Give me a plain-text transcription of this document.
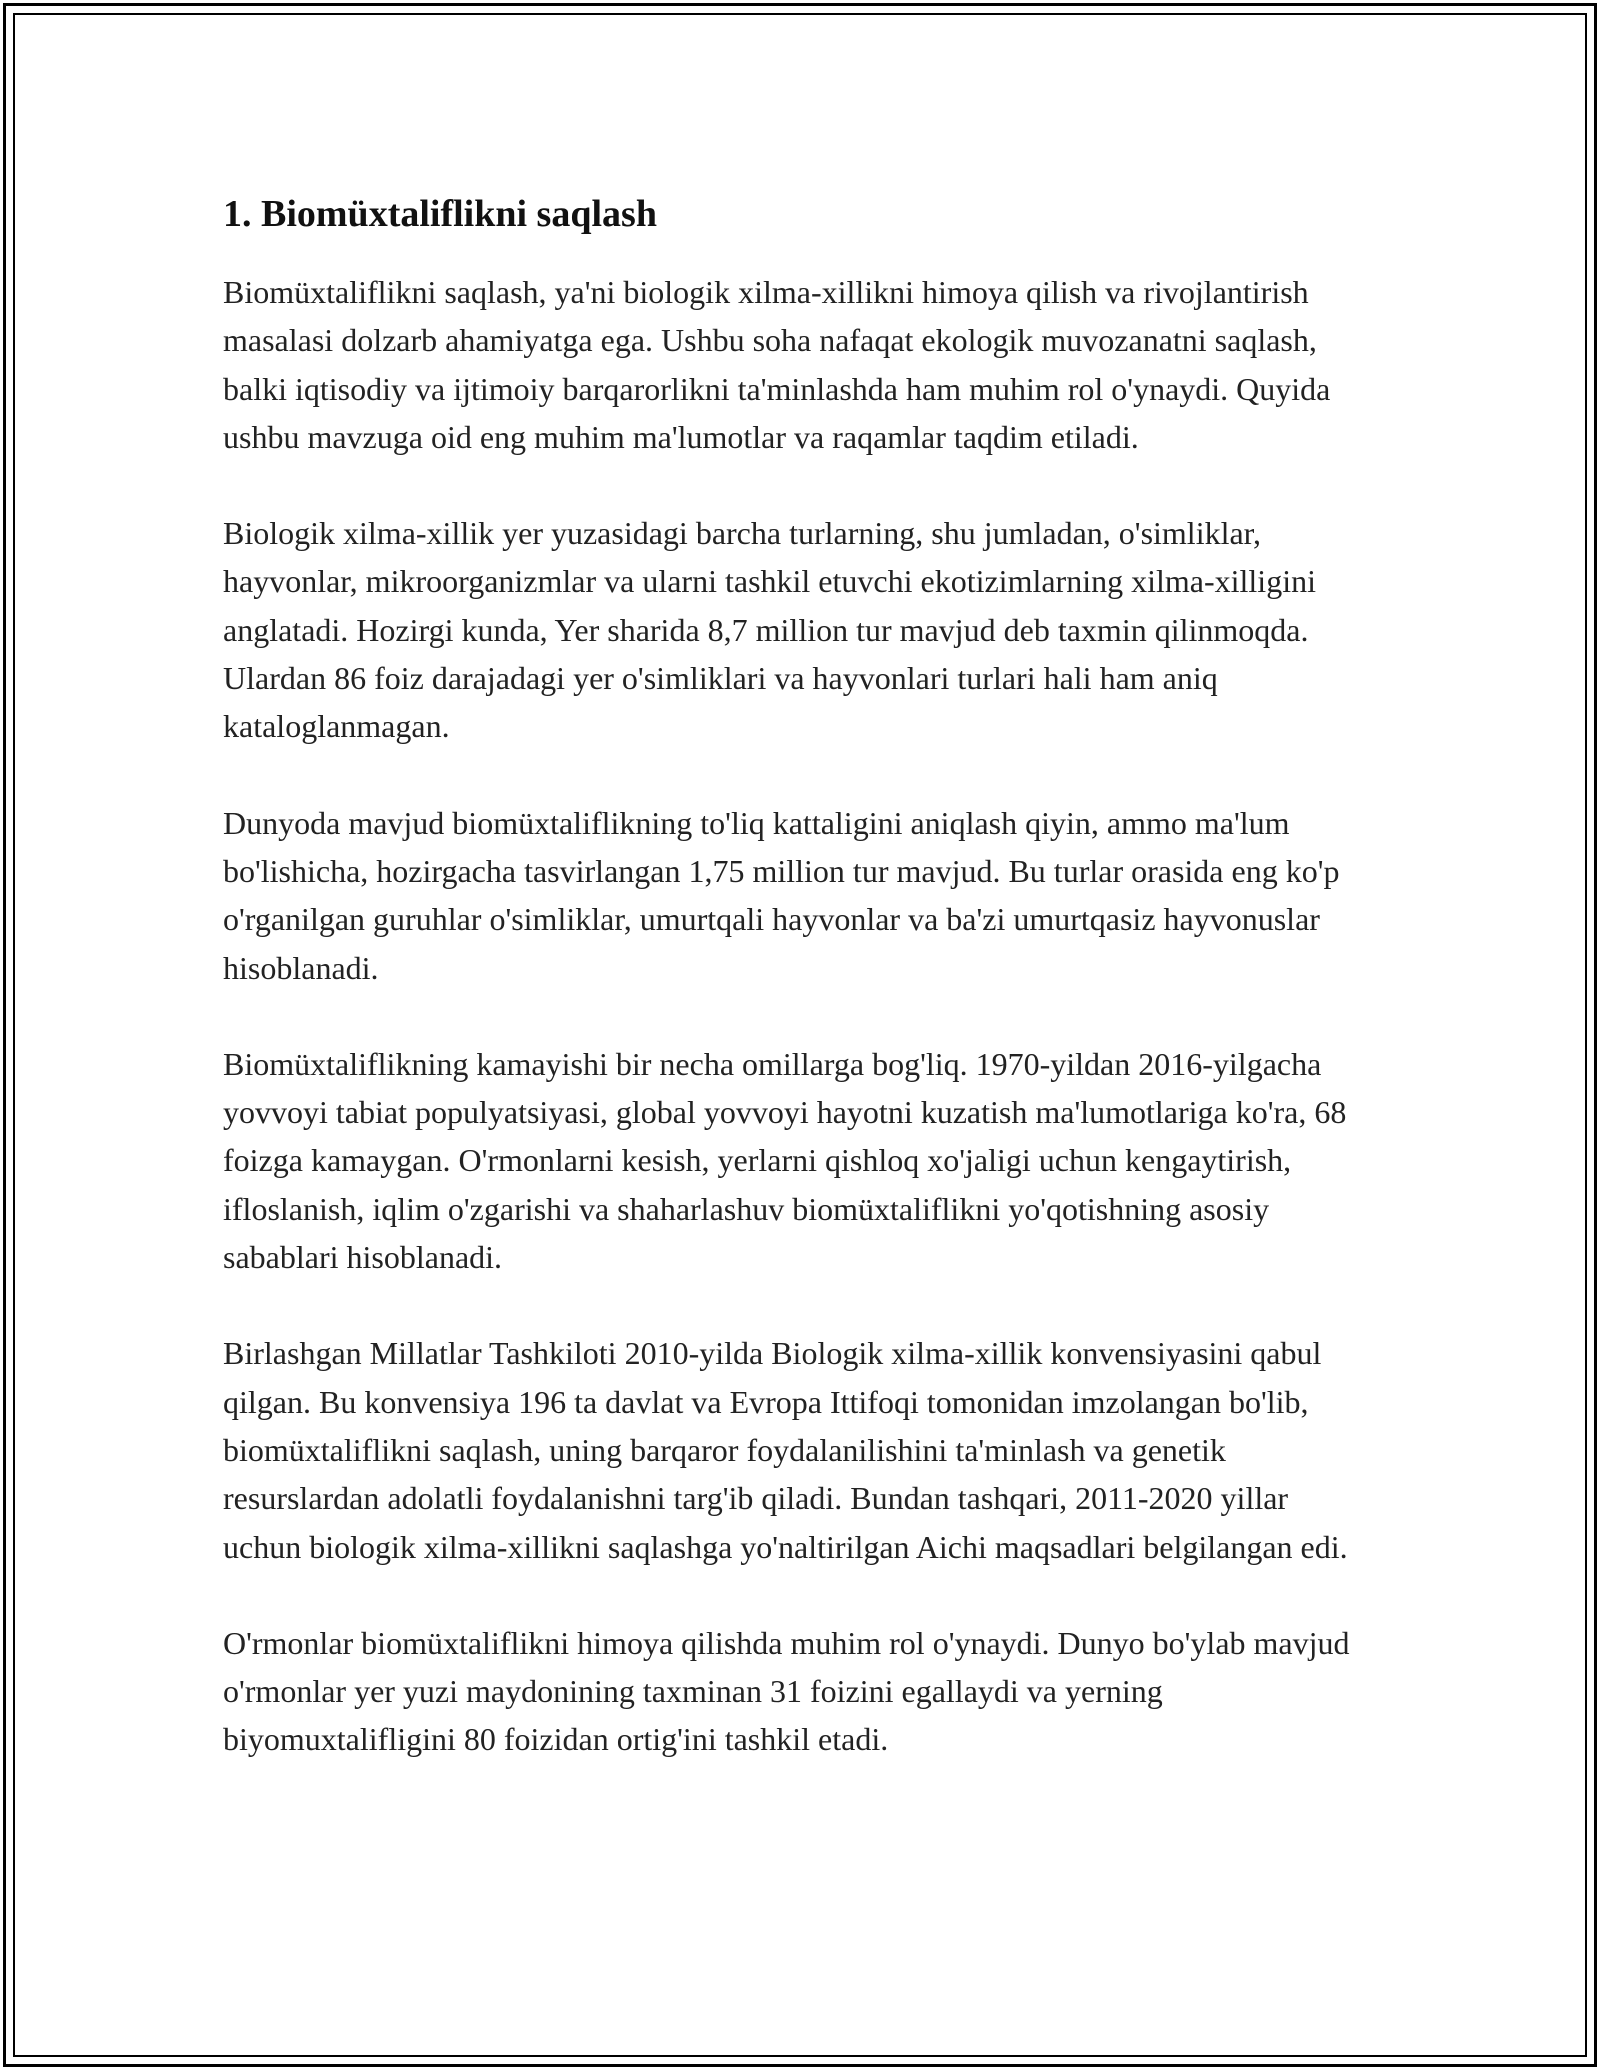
1. Biomüxtaliflikni saqlash

Biomüxtaliflikni saqlash, ya'ni biologik xilma-xillikni himoya qilish va rivojlantirish masalasi dolzarb ahamiyatga ega. Ushbu soha nafaqat ekologik muvozanatni saqlash, balki iqtisodiy va ijtimoiy barqarorlikni ta'minlashda ham muhim rol o'ynaydi. Quyida ushbu mavzuga oid eng muhim ma'lumotlar va raqamlar taqdim etiladi.

Biologik xilma-xillik yer yuzasidagi barcha turlarning, shu jumladan, o'simliklar, hayvonlar, mikroorganizmlar va ularni tashkil etuvchi ekotizimlarning xilma-xilligini anglatadi. Hozirgi kunda, Yer sharida 8,7 million tur mavjud deb taxmin qilinmoqda. Ulardan 86 foiz darajadagi yer o'simliklari va hayvonlari turlari hali ham aniq kataloglanmagan.

Dunyoda mavjud biomüxtaliflikning to'liq kattaligini aniqlash qiyin, ammo ma'lum bo'lishicha, hozirgacha tasvirlangan 1,75 million tur mavjud. Bu turlar orasida eng ko'p o'rganilgan guruhlar o'simliklar, umurtqali hayvonlar va ba'zi umurtqasiz hayvonuslar hisoblanadi.

Biomüxtaliflikning kamayishi bir necha omillarga bog'liq. 1970-yildan 2016-yilgacha yovvoyi tabiat populyatsiyasi, global yovvoyi hayotni kuzatish ma'lumotlariga ko'ra, 68 foizga kamaygan. O'rmonlarni kesish, yerlarni qishloq xo'jaligi uchun kengaytirish, ifloslanish, iqlim o'zgarishi va shaharlashuv biomüxtaliflikni yo'qotishning asosiy sabablari hisoblanadi.

Birlashgan Millatlar Tashkiloti 2010-yilda Biologik xilma-xillik konvensiyasini qabul qilgan. Bu konvensiya 196 ta davlat va Evropa Ittifoqi tomonidan imzolangan bo'lib, biomüxtaliflikni saqlash, uning barqaror foydalanilishini ta'minlash va genetik resurslardan adolatli foydalanishni targ'ib qiladi. Bundan tashqari, 2011-2020 yillar uchun biologik xilma-xillikni saqlashga yo'naltirilgan Aichi maqsadlari belgilangan edi.

O'rmonlar biomüxtaliflikni himoya qilishda muhim rol o'ynaydi. Dunyo bo'ylab mavjud o'rmonlar yer yuzi maydonining taxminan 31 foizini egallaydi va yerning biyomuxtalifligini 80 foizidan ortig'ini tashkil etadi.
